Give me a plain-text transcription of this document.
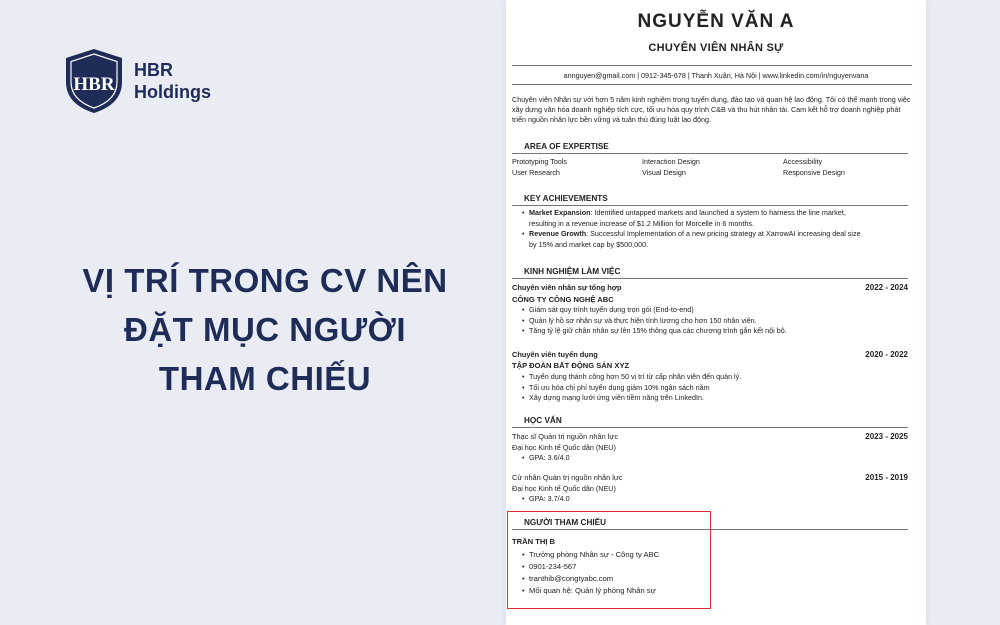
HBR
HBR
Holdings
VỊ TRÍ TRONG CV NÊN
ĐẶT MỤC NGƯỜI
THAM CHIẾU
NGUYỄN VĂN A
CHUYÊN VIÊN NHÂN SỰ
annguyen@gmail.com | 0912-345-678 | Thanh Xuân, Hà Nội | www.linkedin.com/in/nguyenvana
Chuyên viên Nhân sự với hơn 5 năm kinh nghiệm trong tuyển dụng, đào tạo và quan hệ lao động. Tôi có thế mạnh trong việc xây dựng văn hóa doanh nghiệp tích cực, tối ưu hóa quy trình C&B và thu hút nhân tài. Cam kết hỗ trợ doanh nghiệp phát triển nguồn nhân lực bền vững và tuân thủ đúng luật lao động.
AREA OF EXPERTISE
Prototyping Tools	Interaction Design	Accessibility
User Research	Visual Design	Responsive Design
KEY ACHIEVEMENTS
• Market Expansion: Identified untapped markets and launched a system to harness the line market,
resulting in a revenue increase of $1.2 Million for Morcelle in 6 months.
• Revenue Growth: Successful Implementation of a new pricing strategy at XarrowAI increasing deal size
by 15% and market cap by $500,000.
KINH NGHIỆM LÀM VIỆC
Chuyên viên nhân sự tổng hợp	2022 - 2024
CÔNG TY CÔNG NGHỆ ABC
• Giám sát quy trình tuyển dụng trọn gói (End-to-end)
• Quản lý hồ sơ nhân sự và thực hiện tính lương cho hơn 150 nhân viên.
• Tăng tỷ lệ giữ chân nhân sự lên 15% thông qua các chương trình gắn kết nội bộ.
Chuyên viên tuyển dụng	2020 - 2022
TẬP ĐOÀN BẤT ĐỘNG SẢN XYZ
• Tuyển dụng thành công hơn 50 vị trí từ cấp nhân viên đến quản lý.
• Tối ưu hóa chi phí tuyển dụng giảm 10% ngân sách năm
• Xây dựng mạng lưới ứng viên tiềm năng trên LinkedIn.
HỌC VẤN
Thạc sĩ Quản trị nguồn nhân lực	2023 - 2025
Đại học Kinh tế Quốc dân (NEU)
• GPA: 3.6/4.0
Cử nhân Quản trị nguồn nhân lực	2015 - 2019
Đại học Kinh tế Quốc dân (NEU)
• GPA: 3.7/4.0
NGƯỜI THAM CHIẾU
TRẦN THỊ B
• Trưởng phòng Nhân sự - Công ty ABC
• 0901-234-567
• tranthib@congtyabc.com
• Mối quan hệ: Quản lý phòng Nhân sự
